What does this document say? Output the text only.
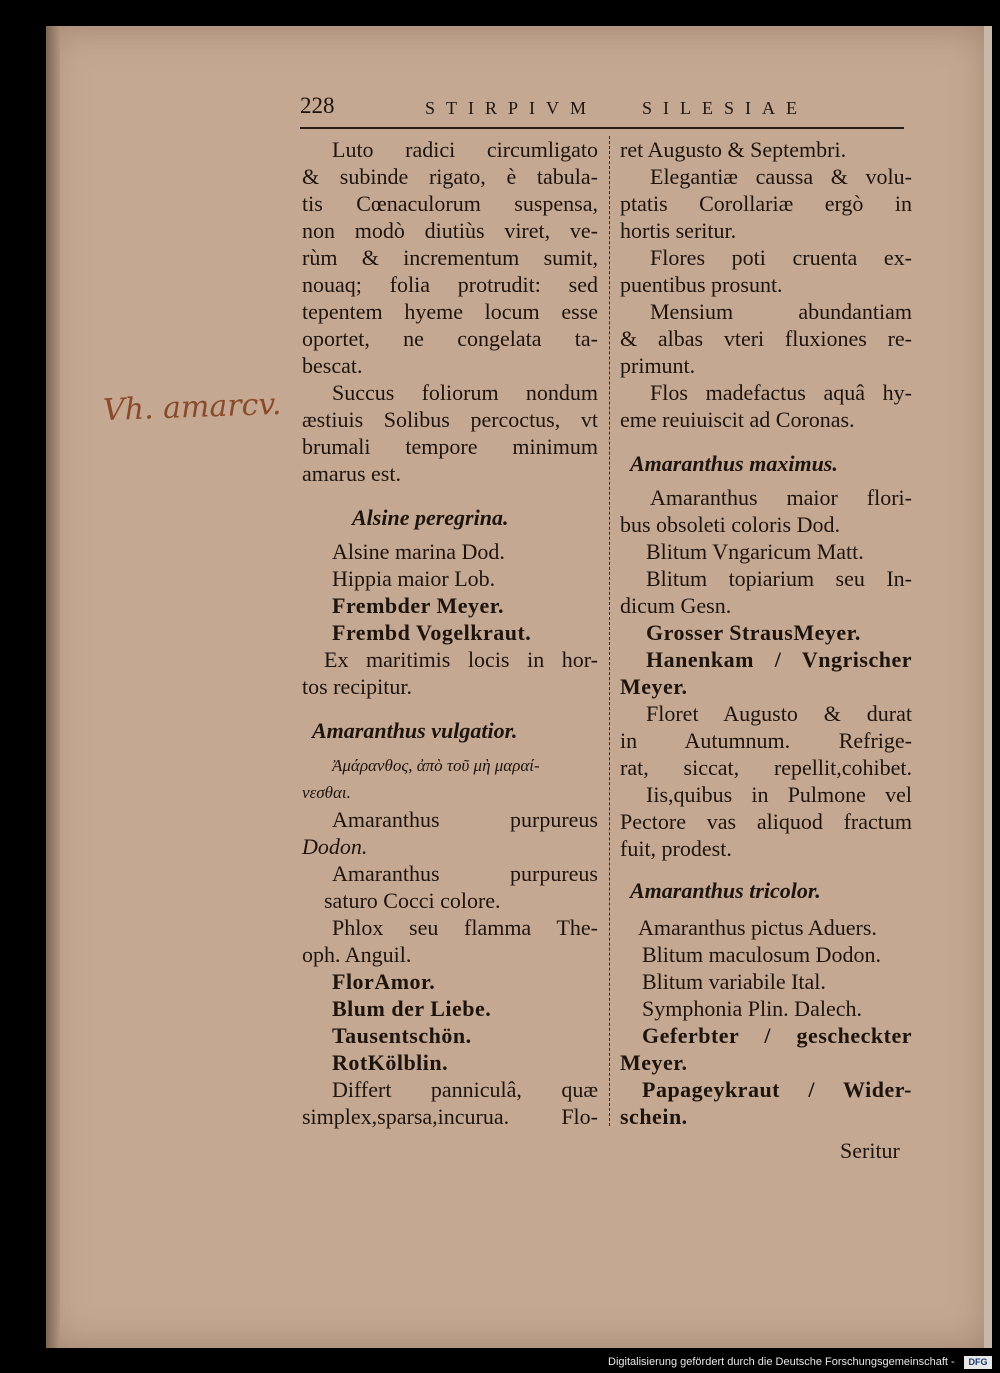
228	STIRPIVM SILESIAE
Vh. amarcv.
Luto radici circumligato
& subinde rigato, è tabula-
tis Cœnaculorum suspensa,
non modò diutiùs viret, ve-
rùm & incrementum sumit,
nouaq; folia protrudit: sed
tepentem hyeme locum esse
oportet, ne congelata ta-
bescat.
Succus foliorum nondum
æstiuis Solibus percoctus, vt
brumali tempore minimum
amarus est.
Alsine peregrina.
Alsine marina Dod.
Hippia maior Lob.
Frembder Meyer.
Frembd Vogelkraut.
Ex maritimis locis in hor-
tos recipitur.
Amaranthus vulgatior.
Ἀμάρανθος, ἀπὸ τοῦ μὴ μαραί-
νεσθαι.
Amaranthus purpureus
Dodon.
Amaranthus purpureus
saturo Cocci colore.
Phlox seu flamma The-
oph. Anguil.
FlorAmor.
Blum der Liebe.
Tausentschön.
RotKölblin.
Differt panniculâ, quæ
simplex,sparsa,incurua. Flo-
ret Augusto & Septembri.
Elegantiæ caussa & volu-
ptatis Corollariæ ergò in
hortis seritur.
Flores poti cruenta ex-
puentibus prosunt.
Mensium abundantiam
& albas vteri fluxiones re-
primunt.
Flos madefactus aquâ hy-
eme reuiuiscit ad Coronas.
Amaranthus maximus.
Amaranthus maior flori-
bus obsoleti coloris Dod.
Blitum Vngaricum Matt.
Blitum topiarium seu In-
dicum Gesn.
Grosser StrausMeyer.
Hanenkam / Vngrischer
Meyer.
Floret Augusto & durat
in Autumnum. Refrige-
rat, siccat, repellit,cohibet.
Iis,quibus in Pulmone vel
Pectore vas aliquod fractum
fuit, prodest.
Amaranthus tricolor.
Amaranthus pictus Aduers.
Blitum maculosum Dodon.
Blitum variabile Ital.
Symphonia Plin. Dalech.
Geferbter / gescheckter
Meyer.
Papageykraut / Wider-
schein.
Seritur
Digitalisierung gefördert durch die Deutsche Forschungsgemeinschaft -	DFG
